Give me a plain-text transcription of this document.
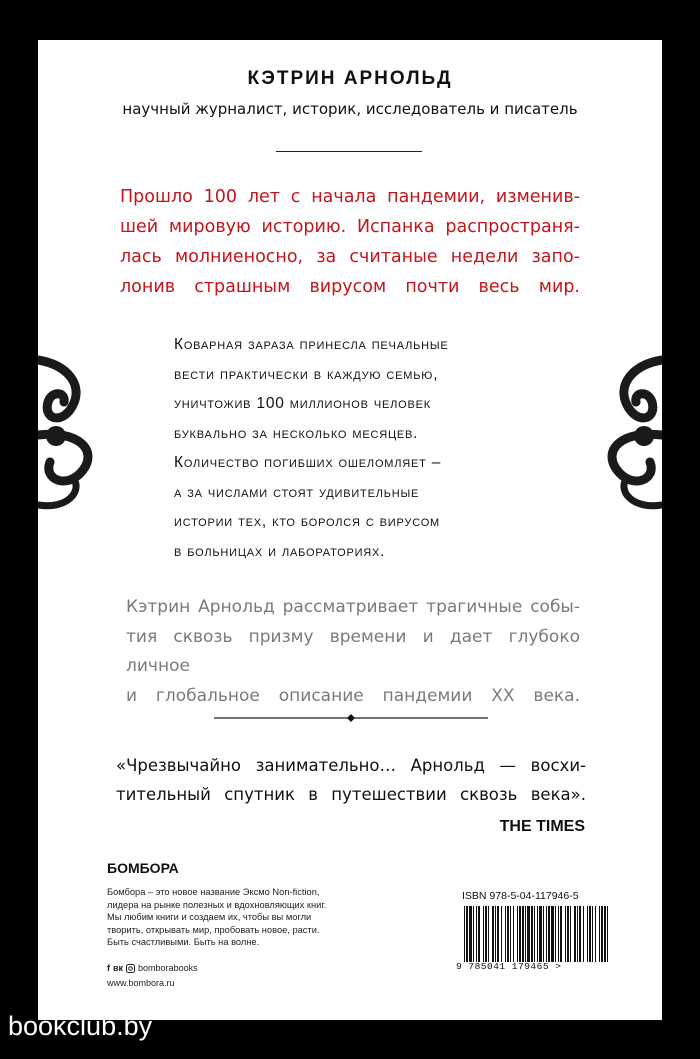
КЭТРИН АРНОЛЬД
научный журналист, историк, исследователь и писатель
Прошло 100 лет с начала пандемии, изменив-
шей мировую историю. Испанка распространя-
лась молниеносно, за считаные недели запо-
лонив страшным вирусом почти весь мир.
Коварная зараза принесла печальные
вести практически в каждую семью,
уничтожив 100 миллионов человек
буквально за несколько месяцев.
Количество погибших ошеломляет –
а за числами стоят удивительные
истории тех, кто боролся с вирусом
в больницах и лабораториях.
Кэтрин Арнольд рассматривает трагичные собы-
тия сквозь призму времени и дает глубоко личное
и глобальное описание пандемии XX века.
«Чрезвычайно занимательно… Арнольд — восхи-
тительный спутник в путешествии сквозь века».
THE TIMES
БОМБОРА
Бомбора – это новое название Эксмо Non-fiction,
лидера на рынке полезных и вдохновляющих книг.
Мы любим книги и создаем их, чтобы вы могли
творить, открывать мир, пробовать новое, расти.
Быть счастливыми. Быть на волне.
f вк bomborabooks
www.bombora.ru
ISBN 978-5-04-117946-5
9 785041 179465 >
bookclub.by
